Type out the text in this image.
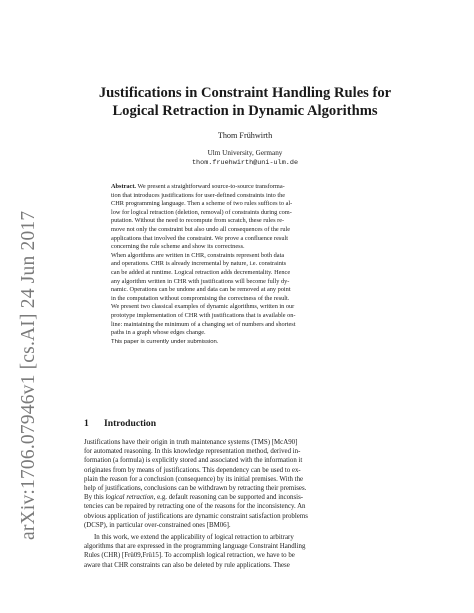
arXiv:1706.07946v1 [cs.AI] 24 Jun 2017
Justifications in Constraint Handling Rules for
Logical Retraction in Dynamic Algorithms

Thom Frühwirth

Ulm University, Germany
thom.fruehwirth@uni-ulm.de
Abstract. We present a straightforward source-to-source transforma-
tion that introduces justifications for user-defined constraints into the
CHR programming language. Then a scheme of two rules suffices to al-
low for logical retraction (deletion, removal) of constraints during com-
putation. Without the need to recompute from scratch, these rules re-
move not only the constraint but also undo all consequences of the rule
applications that involved the constraint. We prove a confluence result
concerning the rule scheme and show its correctness.
When algorithms are written in CHR, constraints represent both data
and operations. CHR is already incremental by nature, i.e. constraints
can be added at runtime. Logical retraction adds decrementality. Hence
any algorithm written in CHR with justifications will become fully dy-
namic. Operations can be undone and data can be removed at any point
in the computation without compromising the correctness of the result.
We present two classical examples of dynamic algorithms, written in our
prototype implementation of CHR with justifications that is available on-
line: maintaining the minimum of a changing set of numbers and shortest
paths in a graph whose edges change.
This paper is currently under submission.
1 Introduction
Justifications have their origin in truth maintenance systems (TMS) [McA90]
for automated reasoning. In this knowledge representation method, derived in-
formation (a formula) is explicitly stored and associated with the information it
originates from by means of justifications. This dependency can be used to ex-
plain the reason for a conclusion (consequence) by its initial premises. With the
help of justifications, conclusions can be withdrawn by retracting their premises.
By this logical retraction, e.g. default reasoning can be supported and inconsis-
tencies can be repaired by retracting one of the reasons for the inconsistency. An
obvious application of justifications are dynamic constraint satisfaction problems
(DCSP), in particular over-constrained ones [BM06].
In this work, we extend the applicability of logical retraction to arbitrary
algorithms that are expressed in the programming language Constraint Handling
Rules (CHR) [Frü09,Frü15]. To accomplish logical retraction, we have to be
aware that CHR constraints can also be deleted by rule applications. These
